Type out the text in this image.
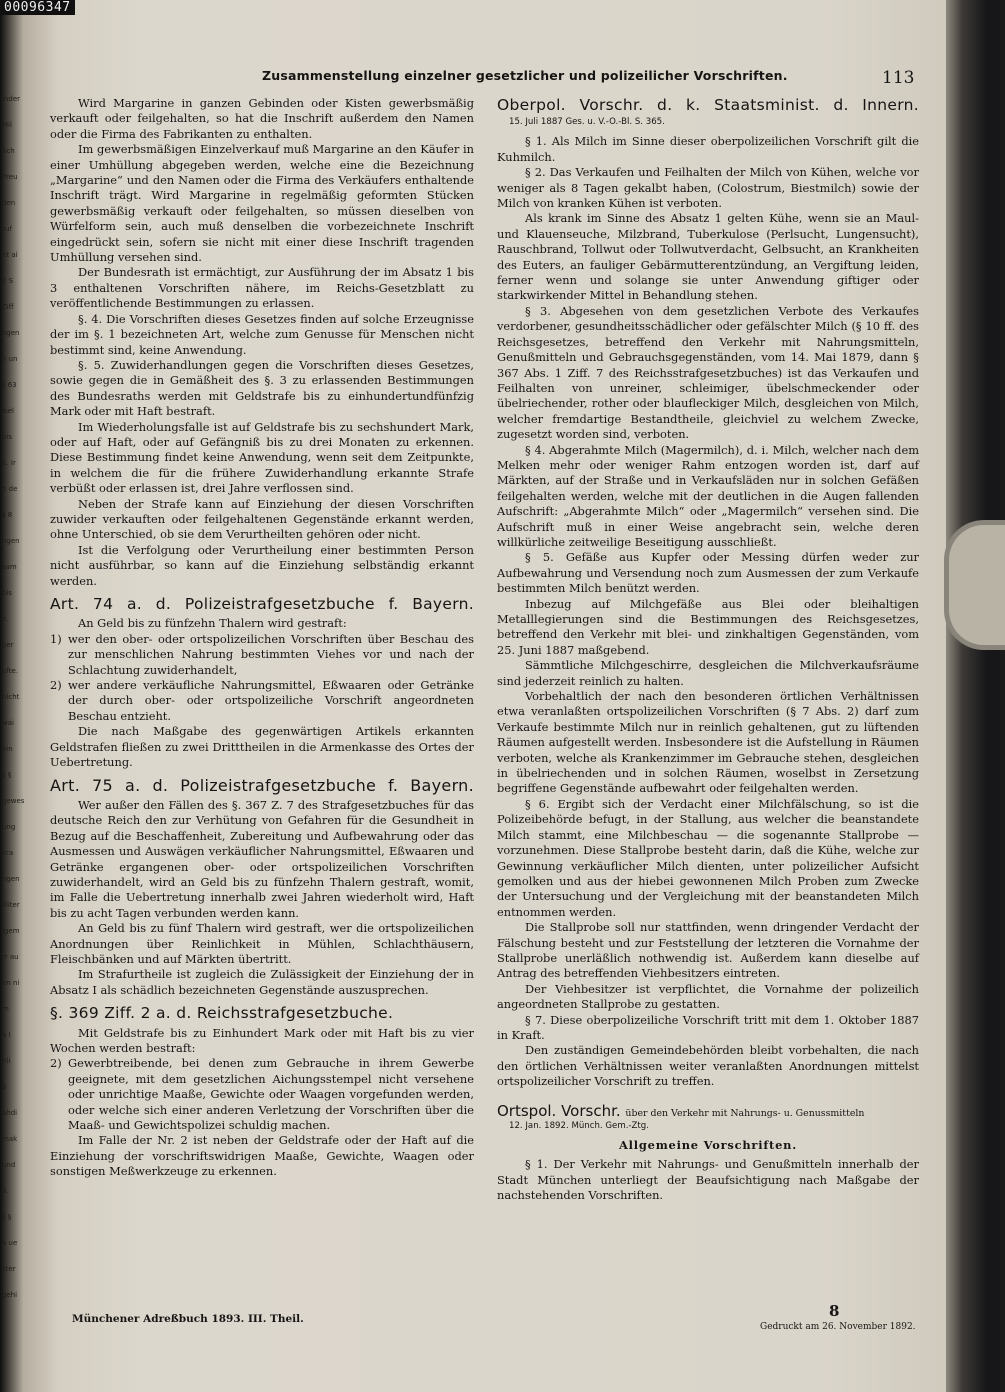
inder
Mil
Sch
Preu
den
ruf
ht ai
2 S
Ziff
ogen
n un
§ 63
ikel
bis
1. Ir
n de
§ 8
ngen
sam
bis
n.
ber
ufte.
nicht
wai
ein
§ §
gewes
ung
kra
ngen
illiter
igem
rr au
en ni
m
a I
hli
p
ahdi
mak
und
5.
§ §
a ue
ster
gehi
00096347
Zusammenstellung einzelner gesetzlicher und polizeilicher Vorschriften.	113

Wird Margarine in ganzen Gebinden oder Kisten gewerbsmäßig verkauft oder feilgehalten, so hat die Inschrift außerdem den Namen oder die Firma des Fabrikanten zu enthalten.

Im gewerbsmäßigen Einzelverkauf muß Margarine an den Käufer in einer Umhüllung abgegeben werden, welche eine die Bezeichnung „Margarine“ und den Namen oder die Firma des Verkäufers enthaltende Inschrift trägt. Wird Margarine in regelmäßig geformten Stücken gewerbsmäßig verkauft oder feilgehalten, so müssen dieselben von Würfelform sein, auch muß denselben die vorbezeichnete Inschrift eingedrückt sein, sofern sie nicht mit einer diese Inschrift tragenden Umhüllung versehen sind.

Der Bundesrath ist ermächtigt, zur Ausführung der im Absatz 1 bis 3 enthaltenen Vorschriften nähere, im Reichs-Gesetzblatt zu veröffentlichende Bestimmungen zu erlassen.

§. 4. Die Vorschriften dieses Gesetzes finden auf solche Erzeugnisse der im §. 1 bezeichneten Art, welche zum Genusse für Menschen nicht bestimmt sind, keine Anwendung.

§. 5. Zuwiderhandlungen gegen die Vorschriften dieses Gesetzes, sowie gegen die in Gemäßheit des §. 3 zu erlassenden Bestimmungen des Bundesraths werden mit Geldstrafe bis zu einhundertundfünfzig Mark oder mit Haft bestraft.

Im Wiederholungsfalle ist auf Geldstrafe bis zu sechshundert Mark, oder auf Haft, oder auf Gefängniß bis zu drei Monaten zu erkennen. Diese Bestimmung findet keine Anwendung, wenn seit dem Zeitpunkte, in welchem die für die frühere Zuwiderhandlung erkannte Strafe verbüßt oder erlassen ist, drei Jahre verflossen sind.

Neben der Strafe kann auf Einziehung der diesen Vorschriften zuwider verkauften oder feilgehaltenen Gegenstände erkannt werden, ohne Unterschied, ob sie dem Verurtheilten gehören oder nicht.

Ist die Verfolgung oder Verurtheilung einer bestimmten Person nicht ausführbar, so kann auf die Einziehung selbständig erkannt werden.

Art. 74 a. d. Polizeistrafgesetzbuche f. Bayern.

An Geld bis zu fünfzehn Thalern wird gestraft:

1) wer den ober- oder ortspolizeilichen Vorschriften über Beschau des zur menschlichen Nahrung bestimmten Viehes vor und nach der Schlachtung zuwiderhandelt,

2) wer andere verkäufliche Nahrungsmittel, Eßwaaren oder Getränke der durch ober- oder ortspolizeiliche Vorschrift angeordneten Beschau entzieht.

Die nach Maßgabe des gegenwärtigen Artikels erkannten Geldstrafen fließen zu zwei Dritttheilen in die Armenkasse des Ortes der Uebertretung.

Art. 75 a. d. Polizeistrafgesetzbuche f. Bayern.

Wer außer den Fällen des §. 367 Z. 7 des Strafgesetzbuches für das deutsche Reich den zur Verhütung von Gefahren für die Gesundheit in Bezug auf die Beschaffenheit, Zubereitung und Aufbewahrung oder das Ausmessen und Auswägen verkäuflicher Nahrungsmittel, Eßwaaren und Getränke ergangenen ober- oder ortspolizeilichen Vorschriften zuwiderhandelt, wird an Geld bis zu fünfzehn Thalern gestraft, womit, im Falle die Uebertretung innerhalb zwei Jahren wiederholt wird, Haft bis zu acht Tagen verbunden werden kann.

An Geld bis zu fünf Thalern wird gestraft, wer die ortspolizeilichen Anordnungen über Reinlichkeit in Mühlen, Schlachthäusern, Fleischbänken und auf Märkten übertritt.

Im Strafurtheile ist zugleich die Zulässigkeit der Einziehung der in Absatz I als schädlich bezeichneten Gegenstände auszusprechen.

§. 369 Ziff. 2 a. d. Reichsstrafgesetzbuche.

Mit Geldstrafe bis zu Einhundert Mark oder mit Haft bis zu vier Wochen werden bestraft:

2) Gewerbtreibende, bei denen zum Gebrauche in ihrem Gewerbe geeignete, mit dem gesetzlichen Aichungsstempel nicht versehene oder unrichtige Maaße, Gewichte oder Waagen vorgefunden werden, oder welche sich einer anderen Verletzung der Vorschriften über die Maaß- und Gewichtspolizei schuldig machen.

Im Falle der Nr. 2 ist neben der Geldstrafe oder der Haft auf die Einziehung der vorschriftswidrigen Maaße, Gewichte, Waagen oder sonstigen Meßwerkzeuge zu erkennen.

Oberpol. Vorschr. d. k. Staatsminist. d. Innern.
15. Juli 1887 Ges. u. V.-O.-Bl. S. 365.

§ 1. Als Milch im Sinne dieser oberpolizeilichen Vorschrift gilt die Kuhmilch.

§ 2. Das Verkaufen und Feilhalten der Milch von Kühen, welche vor weniger als 8 Tagen gekalbt haben, (Colostrum, Biestmilch) sowie der Milch von kranken Kühen ist verboten.

Als krank im Sinne des Absatz 1 gelten Kühe, wenn sie an Maul- und Klauenseuche, Milzbrand, Tuberkulose (Perlsucht, Lungensucht), Rauschbrand, Tollwut oder Tollwutverdacht, Gelbsucht, an Krankheiten des Euters, an fauliger Gebärmutterentzündung, an Vergiftung leiden, ferner wenn und solange sie unter Anwendung giftiger oder starkwirkender Mittel in Behandlung stehen.

§ 3. Abgesehen von dem gesetzlichen Verbote des Verkaufes verdorbener, gesundheitsschädlicher oder gefälschter Milch (§ 10 ff. des Reichsgesetzes, betreffend den Verkehr mit Nahrungsmitteln, Genußmitteln und Gebrauchsgegenständen, vom 14. Mai 1879, dann § 367 Abs. 1 Ziff. 7 des Reichsstrafgesetzbuches) ist das Verkaufen und Feilhalten von unreiner, schleimiger, übelschmeckender oder übelriechender, rother oder blaufleckiger Milch, desgleichen von Milch, welcher fremdartige Bestandtheile, gleichviel zu welchem Zwecke, zugesetzt worden sind, verboten.

§ 4. Abgerahmte Milch (Magermilch), d. i. Milch, welcher nach dem Melken mehr oder weniger Rahm entzogen worden ist, darf auf Märkten, auf der Straße und in Verkaufsläden nur in solchen Gefäßen feilgehalten werden, welche mit der deutlichen in die Augen fallenden Aufschrift: „Abgerahmte Milch“ oder „Magermilch“ versehen sind. Die Aufschrift muß in einer Weise angebracht sein, welche deren willkürliche zeitweilige Beseitigung ausschließt.

§ 5. Gefäße aus Kupfer oder Messing dürfen weder zur Aufbewahrung und Versendung noch zum Ausmessen der zum Verkaufe bestimmten Milch benützt werden.

Inbezug auf Milchgefäße aus Blei oder bleihaltigen Metalllegierungen sind die Bestimmungen des Reichsgesetzes, betreffend den Verkehr mit blei- und zinkhaltigen Gegenständen, vom 25. Juni 1887 maßgebend.

Sämmtliche Milchgeschirre, desgleichen die Milchverkaufsräume sind jederzeit reinlich zu halten.

Vorbehaltlich der nach den besonderen örtlichen Verhältnissen etwa veranlaßten ortspolizeilichen Vorschriften (§ 7 Abs. 2) darf zum Verkaufe bestimmte Milch nur in reinlich gehaltenen, gut zu lüftenden Räumen aufgestellt werden. Insbesondere ist die Aufstellung in Räumen verboten, welche als Krankenzimmer im Gebrauche stehen, desgleichen in übelriechenden und in solchen Räumen, woselbst in Zersetzung begriffene Gegenstände aufbewahrt oder feilgehalten werden.

§ 6. Ergibt sich der Verdacht einer Milchfälschung, so ist die Polizeibehörde befugt, in der Stallung, aus welcher die beanstandete Milch stammt, eine Milchbeschau — die sogenannte Stallprobe — vorzunehmen. Diese Stallprobe besteht darin, daß die Kühe, welche zur Gewinnung verkäuflicher Milch dienten, unter polizeilicher Aufsicht gemolken und aus der hiebei gewonnenen Milch Proben zum Zwecke der Untersuchung und der Vergleichung mit der beanstandeten Milch entnommen werden.

Die Stallprobe soll nur stattfinden, wenn dringender Verdacht der Fälschung besteht und zur Feststellung der letzteren die Vornahme der Stallprobe unerläßlich nothwendig ist. Außerdem kann dieselbe auf Antrag des betreffenden Viehbesitzers eintreten.

Der Viehbesitzer ist verpflichtet, die Vornahme der polizeilich angeordneten Stallprobe zu gestatten.

§ 7. Diese oberpolizeiliche Vorschrift tritt mit dem 1. Oktober 1887 in Kraft.

Den zuständigen Gemeindebehörden bleibt vorbehalten, die nach den örtlichen Verhältnissen weiter veranlaßten Anordnungen mittelst ortspolizeilicher Vorschrift zu treffen.

Ortspol. Vorschr. über den Verkehr mit Nahrungs- u. Genussmitteln
12. Jan. 1892. Münch. Gem.-Ztg.
Allgemeine Vorschriften.

§ 1. Der Verkehr mit Nahrungs- und Genußmitteln innerhalb der Stadt München unterliegt der Beaufsichtigung nach Maßgabe der nachstehenden Vorschriften.

Münchener Adreßbuch 1893. III. Theil.	8
Gedruckt am 26. November 1892.
